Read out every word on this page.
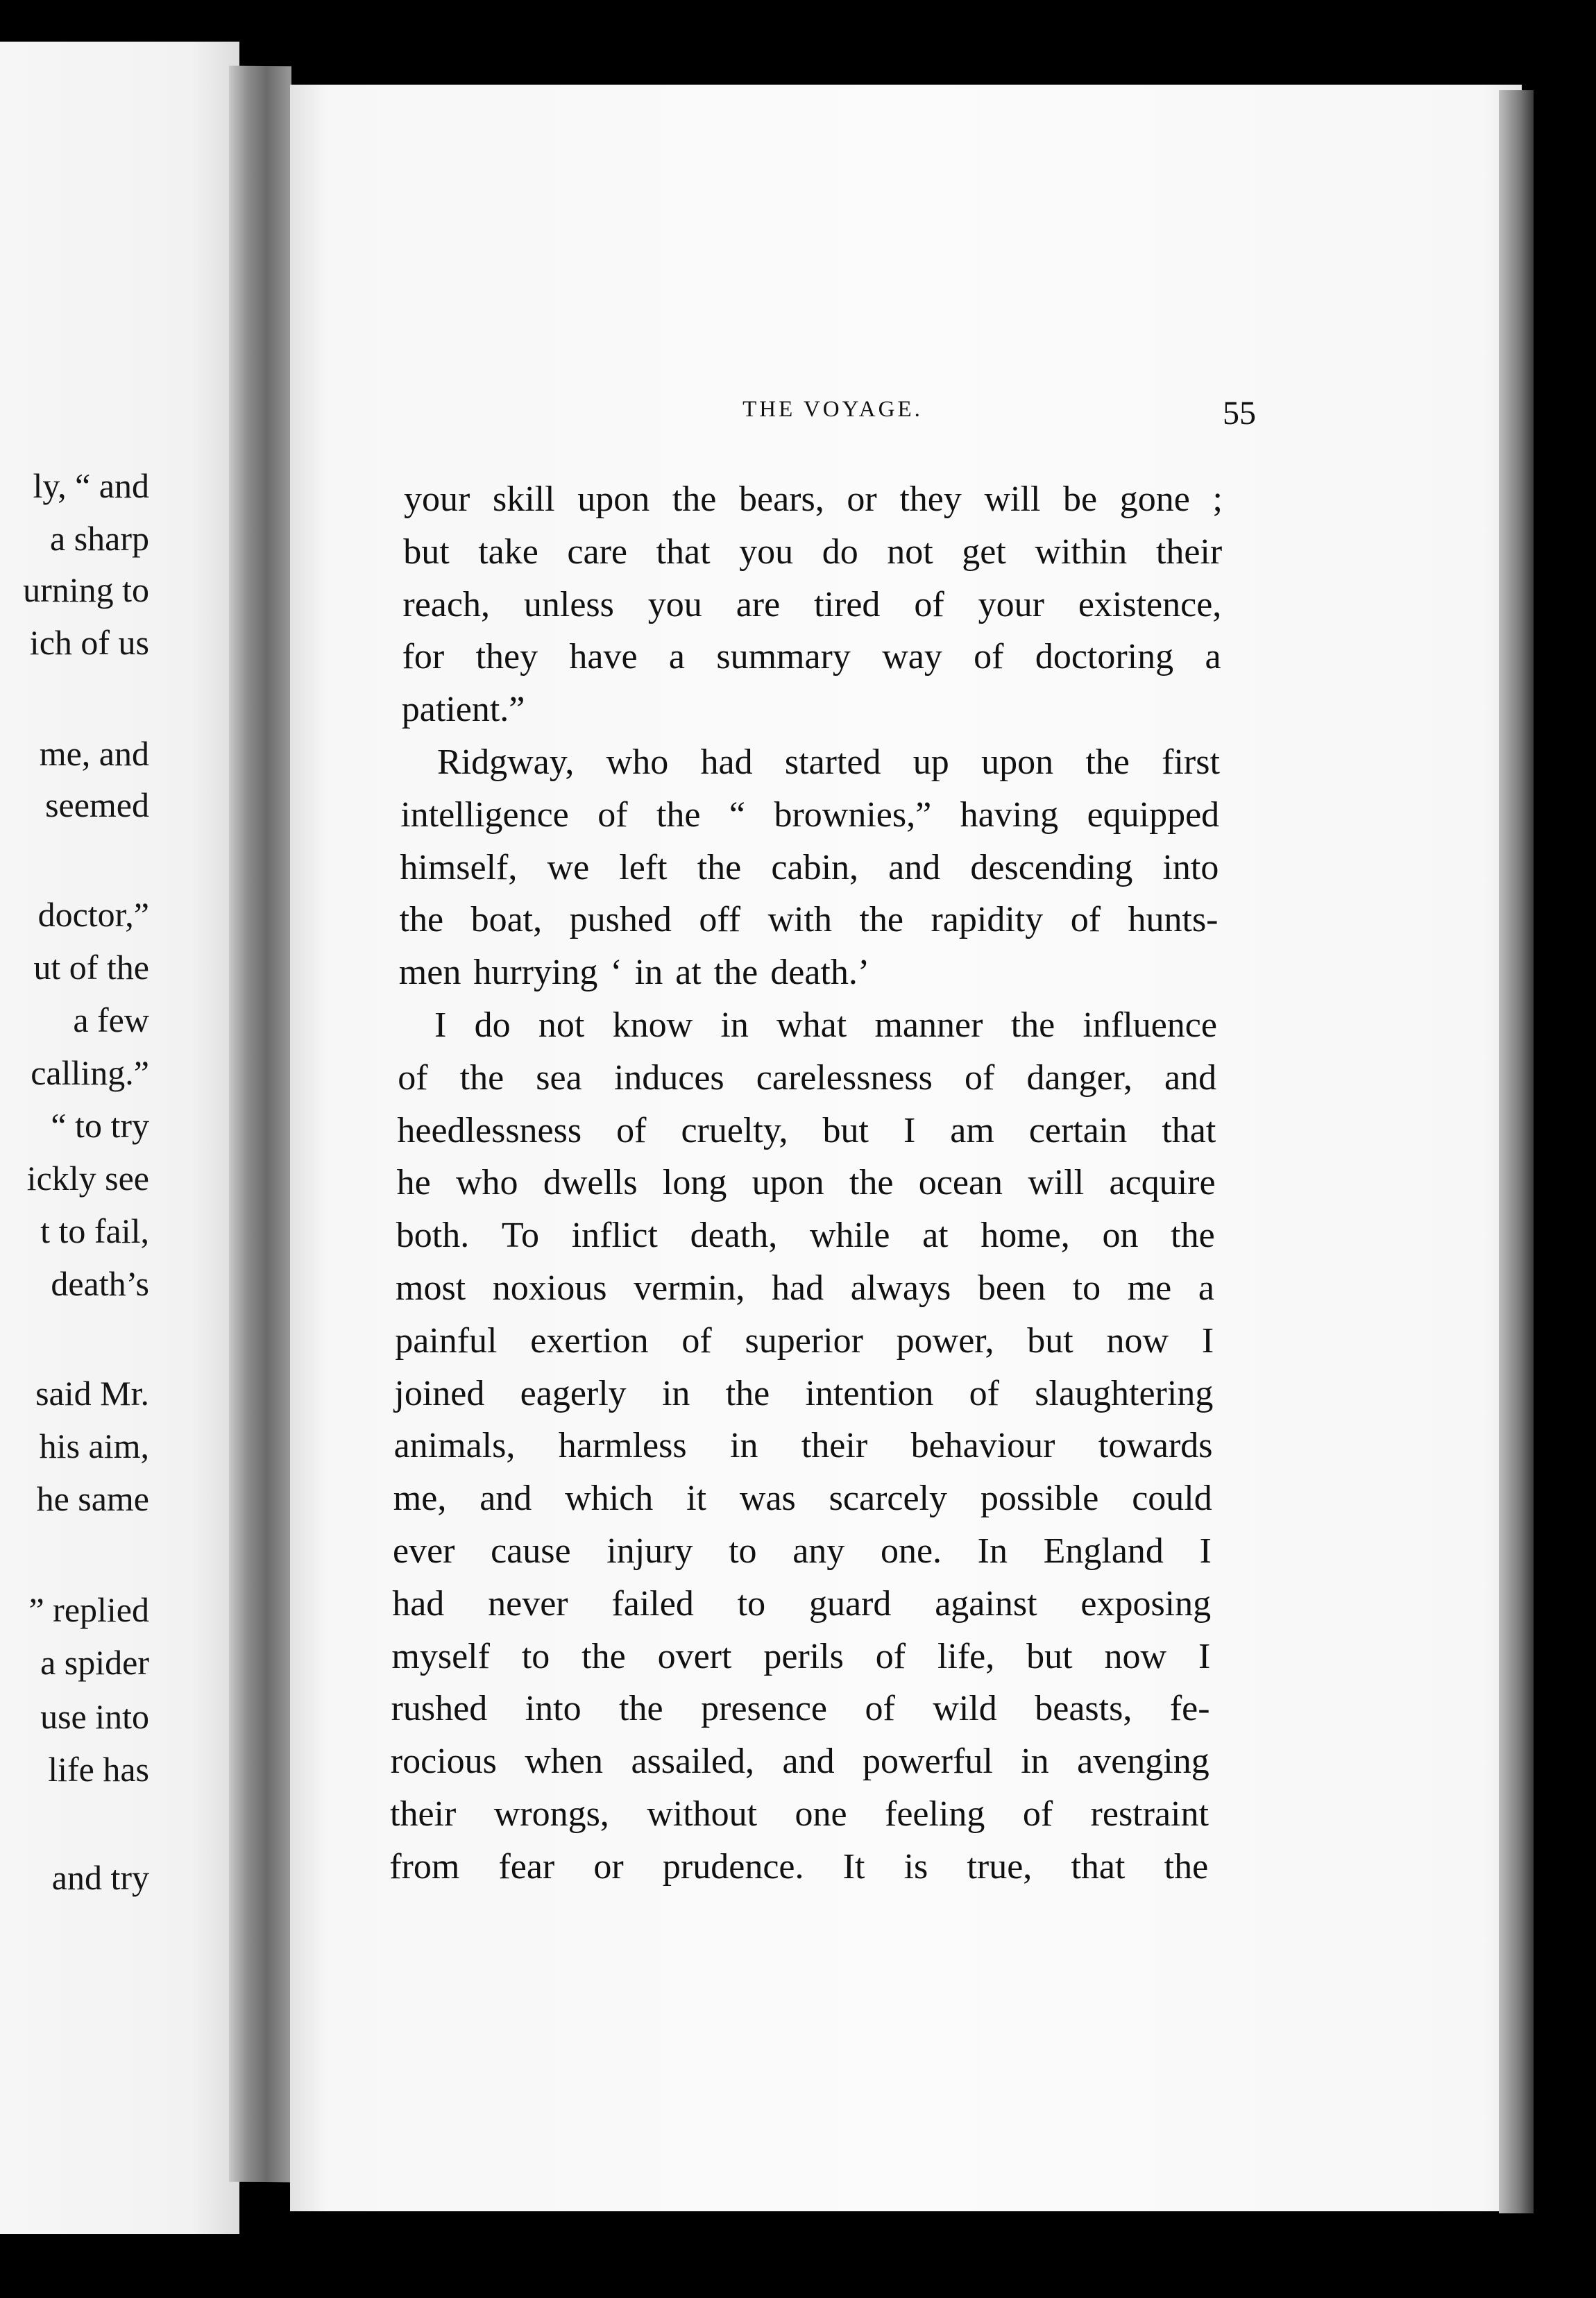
ly, “ and
a sharp
urning to
ich of us
me, and
seemed
doctor,”
ut of the
a few
calling.”
“ to try
ickly see
t to fail,
death’s
said Mr.
his aim,
he same
” replied
a spider
use into
life has
and try
THE VOYAGE.	55
your skill upon the bears, or they will be gone ;
but take care that you do not get within their
reach, unless you are tired of your existence,
for they have a summary way of doctoring a
patient.”
Ridgway, who had started up upon the first
intelligence of the “ brownies,” having equipped
himself, we left the cabin, and descending into
the boat, pushed off with the rapidity of hunts-
men hurrying ‘ in at the death.’
I do not know in what manner the influence
of the sea induces carelessness of danger, and
heedlessness of cruelty, but I am certain that
he who dwells long upon the ocean will acquire
both. To inflict death, while at home, on the
most noxious vermin, had always been to me a
painful exertion of superior power, but now I
joined eagerly in the intention of slaughtering
animals, harmless in their behaviour towards
me, and which it was scarcely possible could
ever cause injury to any one. In England I
had never failed to guard against exposing
myself to the overt perils of life, but now I
rushed into the presence of wild beasts, fe-
rocious when assailed, and powerful in avenging
their wrongs, without one feeling of restraint
from fear or prudence. It is true, that the
